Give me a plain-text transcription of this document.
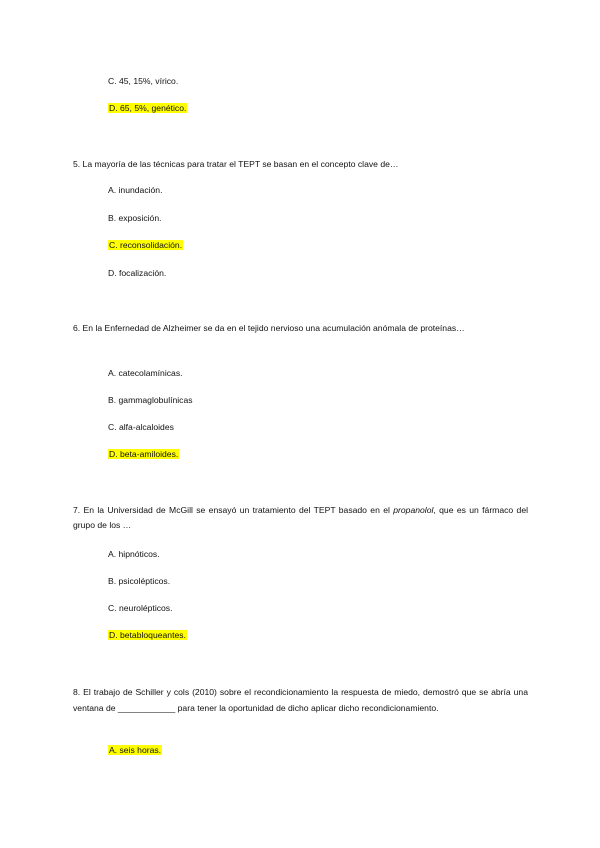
C. 45, 15%, vírico.
D. 65, 5%, genético.
5. La mayoría de las técnicas para tratar el TEPT se basan en el concepto clave de…
A. inundación.
B. exposición.
C. reconsolidación.
D. focalización.
6. En la Enfernedad de Alzheimer se da en el tejido nervioso una acumulación anómala de proteínas…
A. catecolamínicas.
B. gammaglobulínicas
C. alfa-alcaloides
D. beta-amiloides.
7. En la Universidad de McGill se ensayó un tratamiento del TEPT basado en el propanolol, que es un fármaco del grupo de los …
A. hipnóticos.
B. psicolépticos.
C. neurolépticos.
D. betabloqueantes.
8. El trabajo de Schiller y cols (2010) sobre el recondicionamiento la respuesta de miedo, demostró que se abría una ventana de ____________ para tener la oportunidad de dicho aplicar dicho recondicionamiento.
A. seis horas.
